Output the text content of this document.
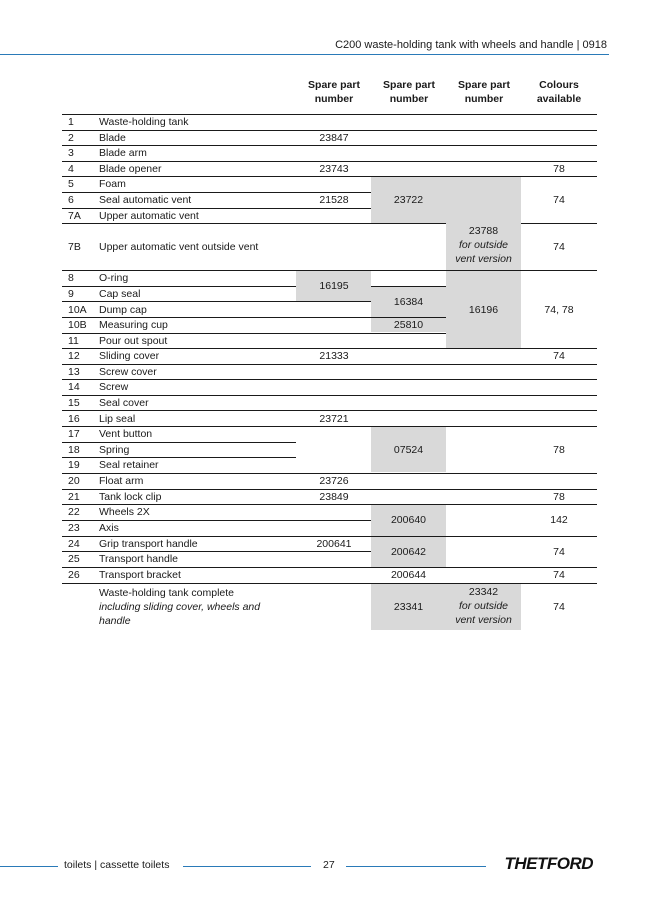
C200 waste-holding tank with wheels and handle | 0918
Spare part
number
Spare part
number
Spare part
number
Colours
available
1 Waste-holding tank
2 Blade
3 Blade arm
4 Blade opener
5 Foam
6 Seal automatic vent
7A Upper automatic vent
7B Upper automatic vent outside vent
8 O-ring
9 Cap seal
10A Dump cap
10B Measuring cup
11 Pour out spout
12 Sliding cover
13 Screw cover
14 Screw
15 Seal cover
16 Lip seal
17 Vent button
18 Spring
19 Seal retainer
20 Float arm
21 Tank lock clip
22 Wheels 2X
23 Axis
24 Grip transport handle
25 Transport handle
26 Transport bracket
Waste-holding tank complete
including sliding cover, wheels and
handle
23847
23743
21528
16195
21333
23721
23726
23849
200641
23722
16384
25810
07524
200640
200642
200644
23341
23788
for outside
vent version
16196
23342
for outside
vent version
78
74
74
74, 78
74
78
78
142
74
74
74
toilets | cassette toilets	27	THETFORD
